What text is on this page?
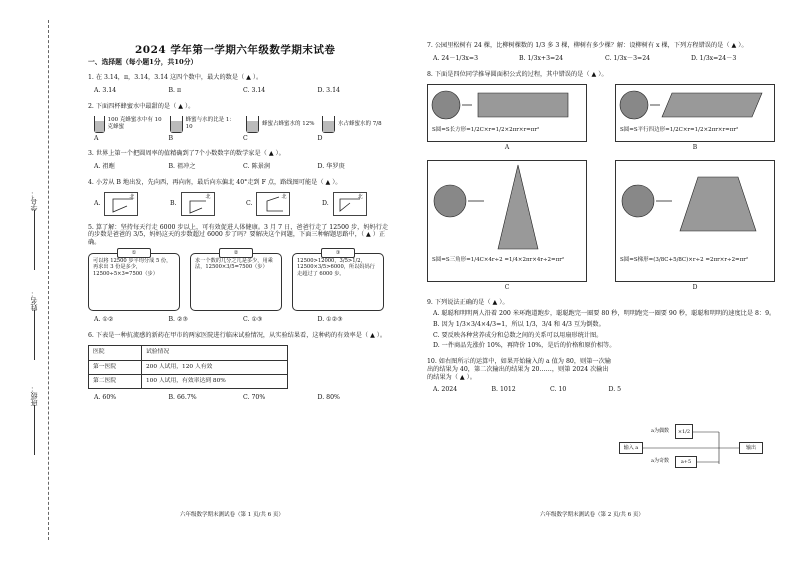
学号：
姓名：
班级：
2024 学年第一学期六年级数学期末试卷
一、选择题（每小题1分，共10分）
1. 在 3.14，π，3.14̇，3.1̇4̇ 这四个数中，最大的数是（ ▲ ）。
A. 3.14	B. π	C. 3.14̇	D. 3.1̇4̇
2. 下面四杯蜂蜜水中最甜的是（ ▲ ）。
100 克蜂蜜水中有 10 克蜂蜜
蜂蜜与水的比是 1：10
蜂蜜占蜂蜜水的 12%	水占蜂蜜水的 7/8
A	B	C	D
3. 世界上第一个把圆周率的值精确到了7个小数数字的数学家是（ ▲ ）。
A. 祖暅	B. 祖冲之	C. 陈景润	D. 华罗庚
4. 小芳从 B 地出发，先向西，再向南，最后向东偏北 40°走到 F 点，路线图可能是（ ▲ ）。
A. 北	B. 北	C. 北	D.
北
5. 算了解：坚持每天行走 6000 步以上，可有效促进人体健康。3 月 7 日，爸爸行走了 12500 步，妈妈行走的步数是爸爸的 3/5，妈妈这天的步数超过 6000 步了吗？要解决这个问题，下面三种解题思路中，（ ▲ ）正确。
①
可以将 12500 步平均分成 5 份，再求出 3 份是多少，12500÷5×3=7500（步）
②
求一个数的几分之几是多少，用乘法，12500×3/5=7500（步）
③
12500>12000，3/5>1/2，12500×3/5>6000，所以妈妈行走超过了 6000 步。
A. ①②	B. ②③	C. ①③	D. ①②③
6. 下表是一种抗流感的新药在甲市的两家医院进行临床试验情况，从实验结果看，这种药的有效率是（ ▲ ）。
医院	试验情况
第一医院	200 人试用，120 人有效
第二医院	100 人试用，有效率达到 80%
A. 60%	B. 66.7%	C. 70%	D. 80%
六年级数学期末测试卷（第 1 页/共 6 页）
7. 公园里松树有 24 棵，比柳树棵数的 1/3 多 3 棵，柳树有多少棵？解：设柳树有 x 棵，下列方程错误的是（ ▲ ）。
A. 24－1/3x=3	B. 1/3x+3=24	C. 1/3x－3=24	D. 1/3x=24－3
8. 下面是四位同学推导圆面积公式的过程，其中错误的是（ ▲ ）。
S圆=S长方形=1/2C×r=1/2×2πr×r=πr²
A
S圆=S平行四边形=1/2C×r=1/2×2πr×r=πr²
B
S圆=S三角形=1/4C×4r÷2 =1/4×2πr×4r÷2=πr²
C
S圆=S梯形=(3/8C+5/8C)×r÷2 =2πr×r÷2=πr²
D
9. 下列说法正确的是（ ▲ ）。
A. 聪聪和明明两人沿着 200 米环跑道跑步，聪聪跑完一圈要 80 秒，明明跑完一圈要 90 秒，聪聪和明明的速度比是 8：9。
B. 因为 1/3×3/4×4/3=1，所以 1/3，3/4 和 4/3 互为倒数。
C. 要反映各种营养成分和总数之间的关系可以用扇形统计图。
D. 一件商品先涨价 10%，再降价 10%，是后的价格和原价相等。
10. 如右图所示的运算中，如果开始输入的 a 值为 80，则第一次输出的结果为 40，第二次输出的结果为 20……，则第 2024 次输出的结果为（ ▲ ）。
A. 2024	B. 1012	C. 10	D. 5
输入 a
a为偶数	×1/2
a为奇数	a+5
输出
六年级数学期末测试卷（第 2 页/共 6 页）
